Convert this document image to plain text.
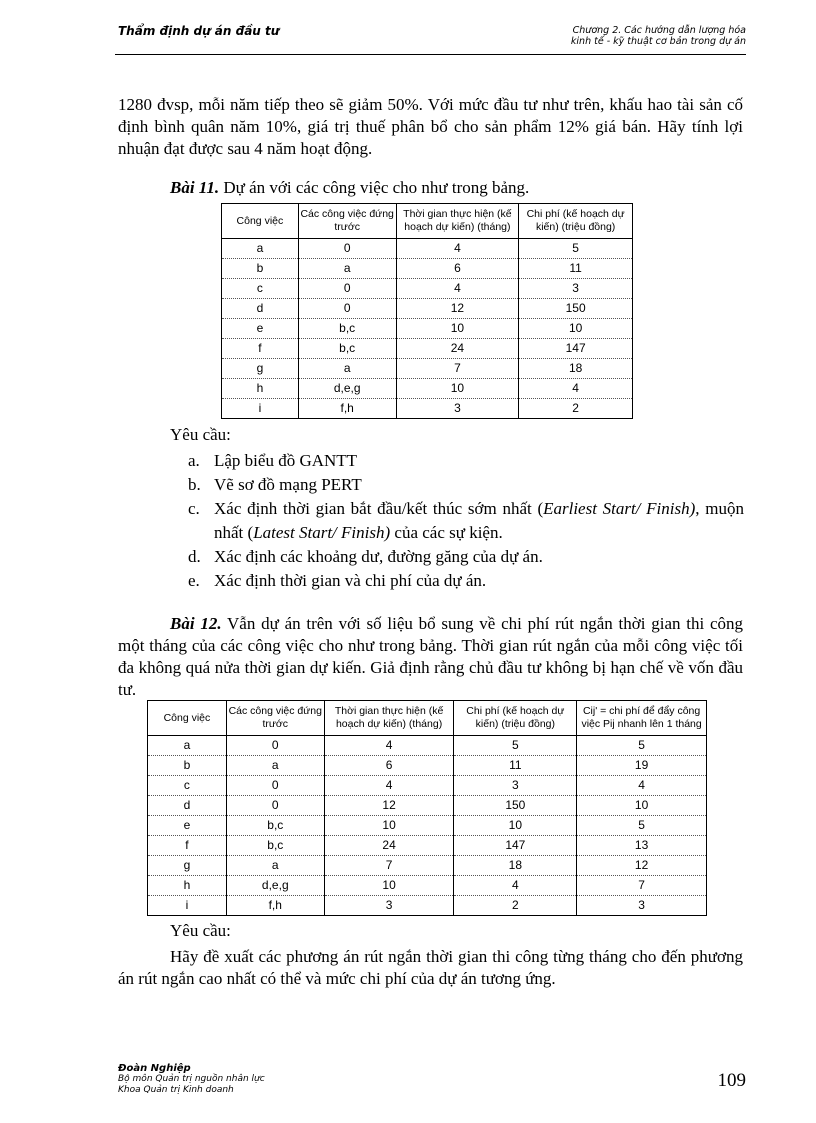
Thẩm định dự án đầu tư	Chương 2. Các hướng dẫn lượng hóa
kinh tế - kỹ thuật cơ bản trong dự án

1280 đvsp, mỗi năm tiếp theo sẽ giảm 50%. Với mức đầu tư như trên, khấu hao tài sản cố định bình quân năm 10%, giá trị thuế phân bổ cho sản phẩm 12% giá bán. Hãy tính lợi nhuận đạt được sau 4 năm hoạt động.

Bài 11. Dự án với các công việc cho như trong bảng.

Công việc	Các công việc đứng trước	Thời gian thực hiện (kế hoạch dự kiến) (tháng)	Chi phí (kế hoạch dự kiến) (triệu đồng)
a	0	4	5
b	a	6	11
c	0	4	3
d	0	12	150
e	b,c	10	10
f	b,c	24	147
g	a	7	18
h	d,e,g	10	4
i	f,h	3	2
Yêu cầu:
a. Lập biểu đồ GANTT
b. Vẽ sơ đồ mạng PERT
c. Xác định thời gian bắt đầu/kết thúc sớm nhất (Earliest Start/ Finish), muộn nhất (Latest Start/ Finish) của các sự kiện.
d. Xác định các khoảng dư, đường găng của dự án.
e. Xác định thời gian và chi phí của dự án.

Bài 12. Vẫn dự án trên với số liệu bổ sung về chi phí rút ngắn thời gian thi công một tháng của các công việc cho như trong bảng. Thời gian rút ngắn của mỗi công việc tối đa không quá nửa thời gian dự kiến. Giả định rằng chủ đầu tư không bị hạn chế về vốn đầu tư.

Công việc	Các công việc đứng trước	Thời gian thực hiện (kế hoạch dự kiến) (tháng)	Chi phí (kế hoạch dự kiến) (triệu đồng)	Cij' = chi phí để đẩy công việc Pij nhanh lên 1 tháng
a	0	4	5	5
b	a	6	11	19
c	0	4	3	4
d	0	12	150	10
e	b,c	10	10	5
f	b,c	24	147	13
g	a	7	18	12
h	d,e,g	10	4	7
i	f,h	3	2	3
Yêu cầu:

Hãy đề xuất các phương án rút ngắn thời gian thi công từng tháng cho đến phương án rút ngắn cao nhất có thể và mức chi phí của dự án tương ứng.

Đoàn Nghiệp
Bộ môn Quản trị nguồn nhân lực
Khoa Quản trị Kinh doanh	109
